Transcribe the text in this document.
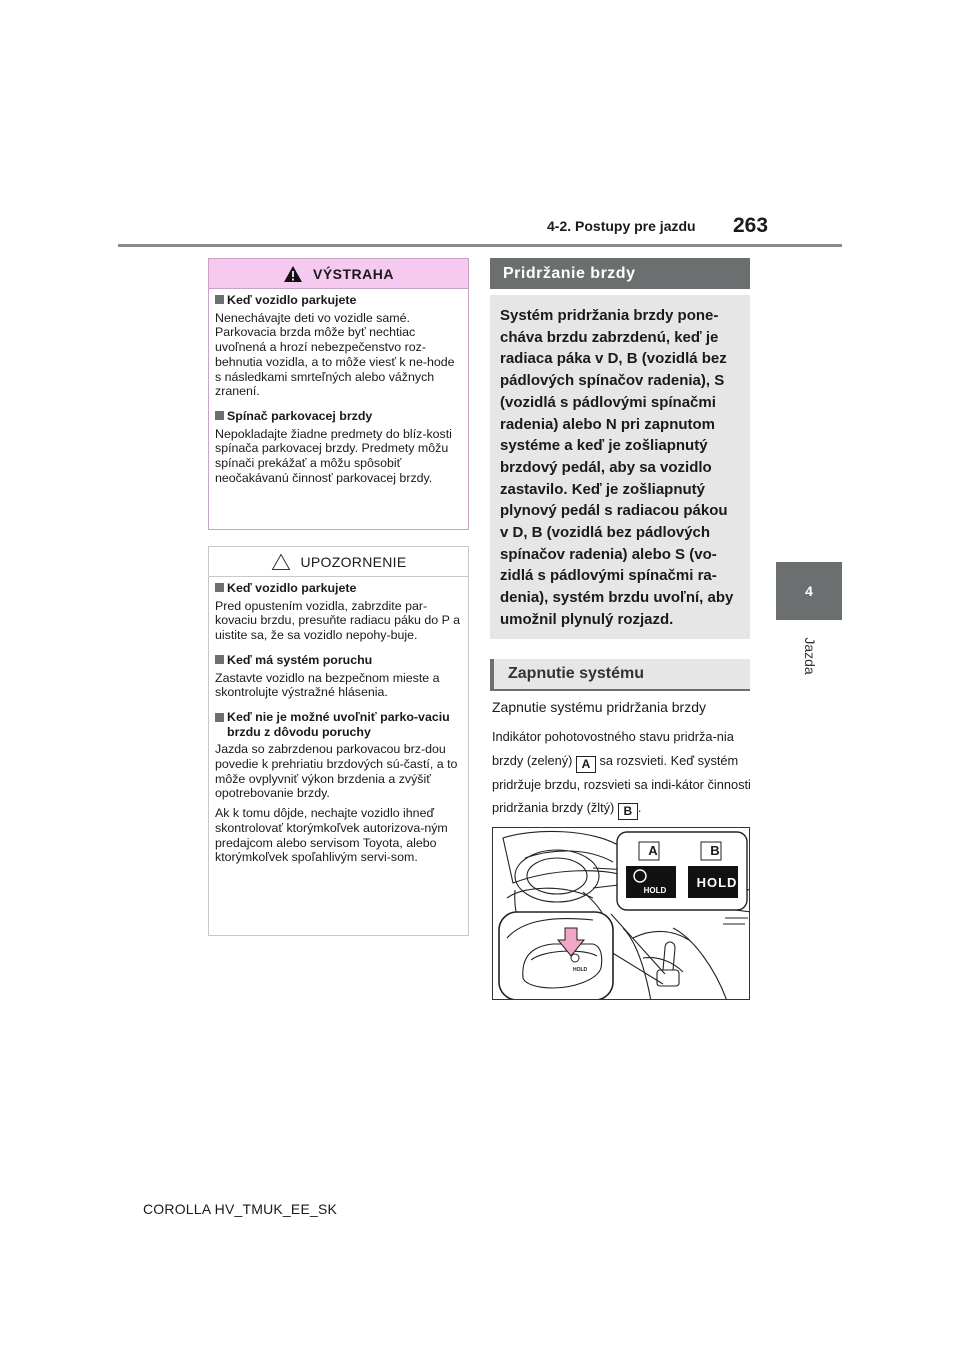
4-2. Postupy pre jazdu 263
4
Jazda
VÝSTRAHA
Keď vozidlo parkujete
Nenechávajte deti vo vozidle samé. Parkovacia brzda môže byť nechtiac uvoľnená a hrozí nebezpečenstvo roz-behnutia vozidla, a to môže viesť k ne-hode s následkami smrteľných alebo vážnych zranení.
Spínač parkovacej brzdy
Nepokladajte žiadne predmety do blíz-kosti spínača parkovacej brzdy. Predmety môžu spínači prekážať a môžu spôsobiť neočakávanú činnosť parkovacej brzdy.
UPOZORNENIE
Keď vozidlo parkujete
Pred opustením vozidla, zabrzdite par-kovaciu brzdu, presuňte radiacu páku do P a uistite sa, že sa vozidlo nepohy-buje.
Keď má systém poruchu
Zastavte vozidlo na bezpečnom mieste a skontrolujte výstražné hlásenia.
Keď nie je možné uvoľniť parko-vaciu brzdu z dôvodu poruchy
Jazda so zabrzdenou parkovacou brz-dou povedie k prehriatiu brzdových sú-častí, a to môže ovplyvniť výkon brzdenia a zvýšiť opotrebovanie brzdy.
Ak k tomu dôjde, nechajte vozidlo ihneď skontrolovať ktorýmkoľvek autorizova-ným predajcom alebo servisom Toyota, alebo ktorýmkoľvek spoľahlivým servi-som.
Pridržanie brzdy
Systém pridržania brzdy pone-cháva brzdu zabrzdenú, keď je radiaca páka v D, B (vozidlá bez pádlových spínačov radenia), S (vozidlá s pádlovými spínačmi radenia) alebo N pri zapnutom systéme a keď je zošliapnutý brzdový pedál, aby sa vozidlo zastavilo. Keď je zošliapnutý plynový pedál s radiacou pákou v D, B (vozidlá bez pádlových spínačov radenia) alebo S (vo-zidlá s pádlovými spínačmi ra-denia), systém brzdu uvoľní, aby umožnil plynulý rozjazd.
Zapnutie systému
Zapnutie systému pridržania brzdy
Indikátor pohotovostného stavu pridrža-nia brzdy (zelený) A sa rozsvieti. Keď systém pridržuje brzdu, rozsvieti sa indi-kátor činnosti pridržania brzdy (žltý) B .
A	B
HOLD
HOLD
HOLD
COROLLA HV_TMUK_EE_SK
